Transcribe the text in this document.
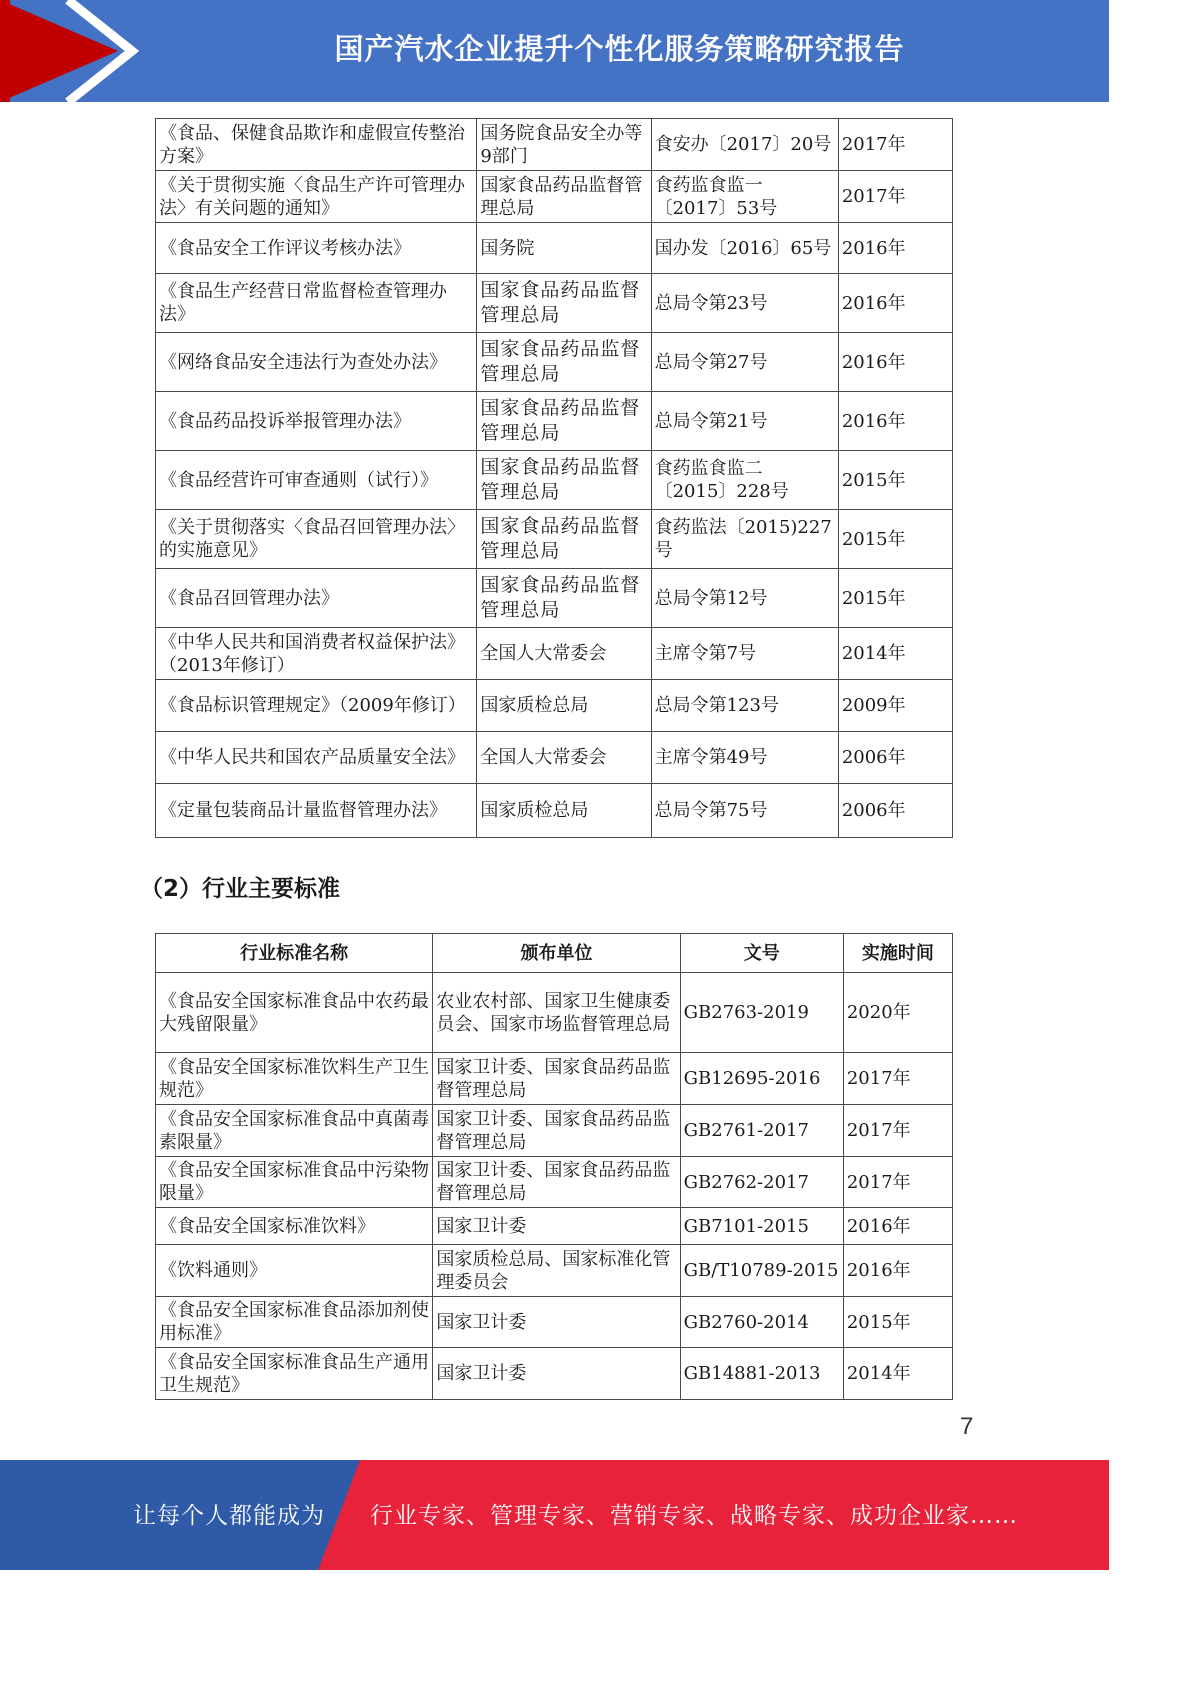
国产汽水企业提升个性化服务策略研究报告
《食品、保健食品欺诈和虚假宣传整治方案》	国务院食品安全办等9部门	食安办〔2017〕20号	2017年
《关于贯彻实施〈食品生产许可管理办法〉有关问题的通知》	国家食品药品监督管理总局	食药监食监一〔2017〕53号	2017年
《食品安全工作评议考核办法》	国务院	国办发〔2016〕65号	2016年
《食品生产经营日常监督检查管理办法》	国家食品药品监督管理总局	总局令第23号	2016年
《网络食品安全违法行为查处办法》	国家食品药品监督管理总局	总局令第27号	2016年
《食品药品投诉举报管理办法》	国家食品药品监督管理总局	总局令第21号	2016年
《食品经营许可审查通则（试行）》	国家食品药品监督管理总局	食药监食监二〔2015〕228号	2015年
《关于贯彻落实〈食品召回管理办法〉的实施意见》	国家食品药品监督管理总局	食药监法〔2015)227号	2015年
《食品召回管理办法》	国家食品药品监督管理总局	总局令第12号	2015年
《中华人民共和国消费者权益保护法》（2013年修订）	全国人大常委会	主席令第7号	2014年
《食品标识管理规定》（2009年修订）	国家质检总局	总局令第123号	2009年
《中华人民共和国农产品质量安全法》	全国人大常委会	主席令第49号	2006年
《定量包装商品计量监督管理办法》	国家质检总局	总局令第75号	2006年
（2）行业主要标准
行业标准名称	颁布单位	文号	实施时间
《食品安全国家标准食品中农药最大残留限量》	农业农村部、国家卫生健康委员会、国家市场监督管理总局	GB2763-2019	2020年
《食品安全国家标准饮料生产卫生规范》	国家卫计委、国家食品药品监督管理总局	GB12695-2016	2017年
《食品安全国家标准食品中真菌毒素限量》	国家卫计委、国家食品药品监督管理总局	GB2761-2017	2017年
《食品安全国家标准食品中污染物限量》	国家卫计委、国家食品药品监督管理总局	GB2762-2017	2017年
《食品安全国家标准饮料》	国家卫计委	GB7101-2015	2016年
《饮料通则》	国家质检总局、国家标准化管理委员会	GB/T10789-2015	2016年
《食品安全国家标准食品添加剂使用标准》	国家卫计委	GB2760-2014	2015年
《食品安全国家标准食品生产通用卫生规范》	国家卫计委	GB14881-2013	2014年
7
让每个人都能成为 行业专家、管理专家、营销专家、战略专家、成功企业家……
